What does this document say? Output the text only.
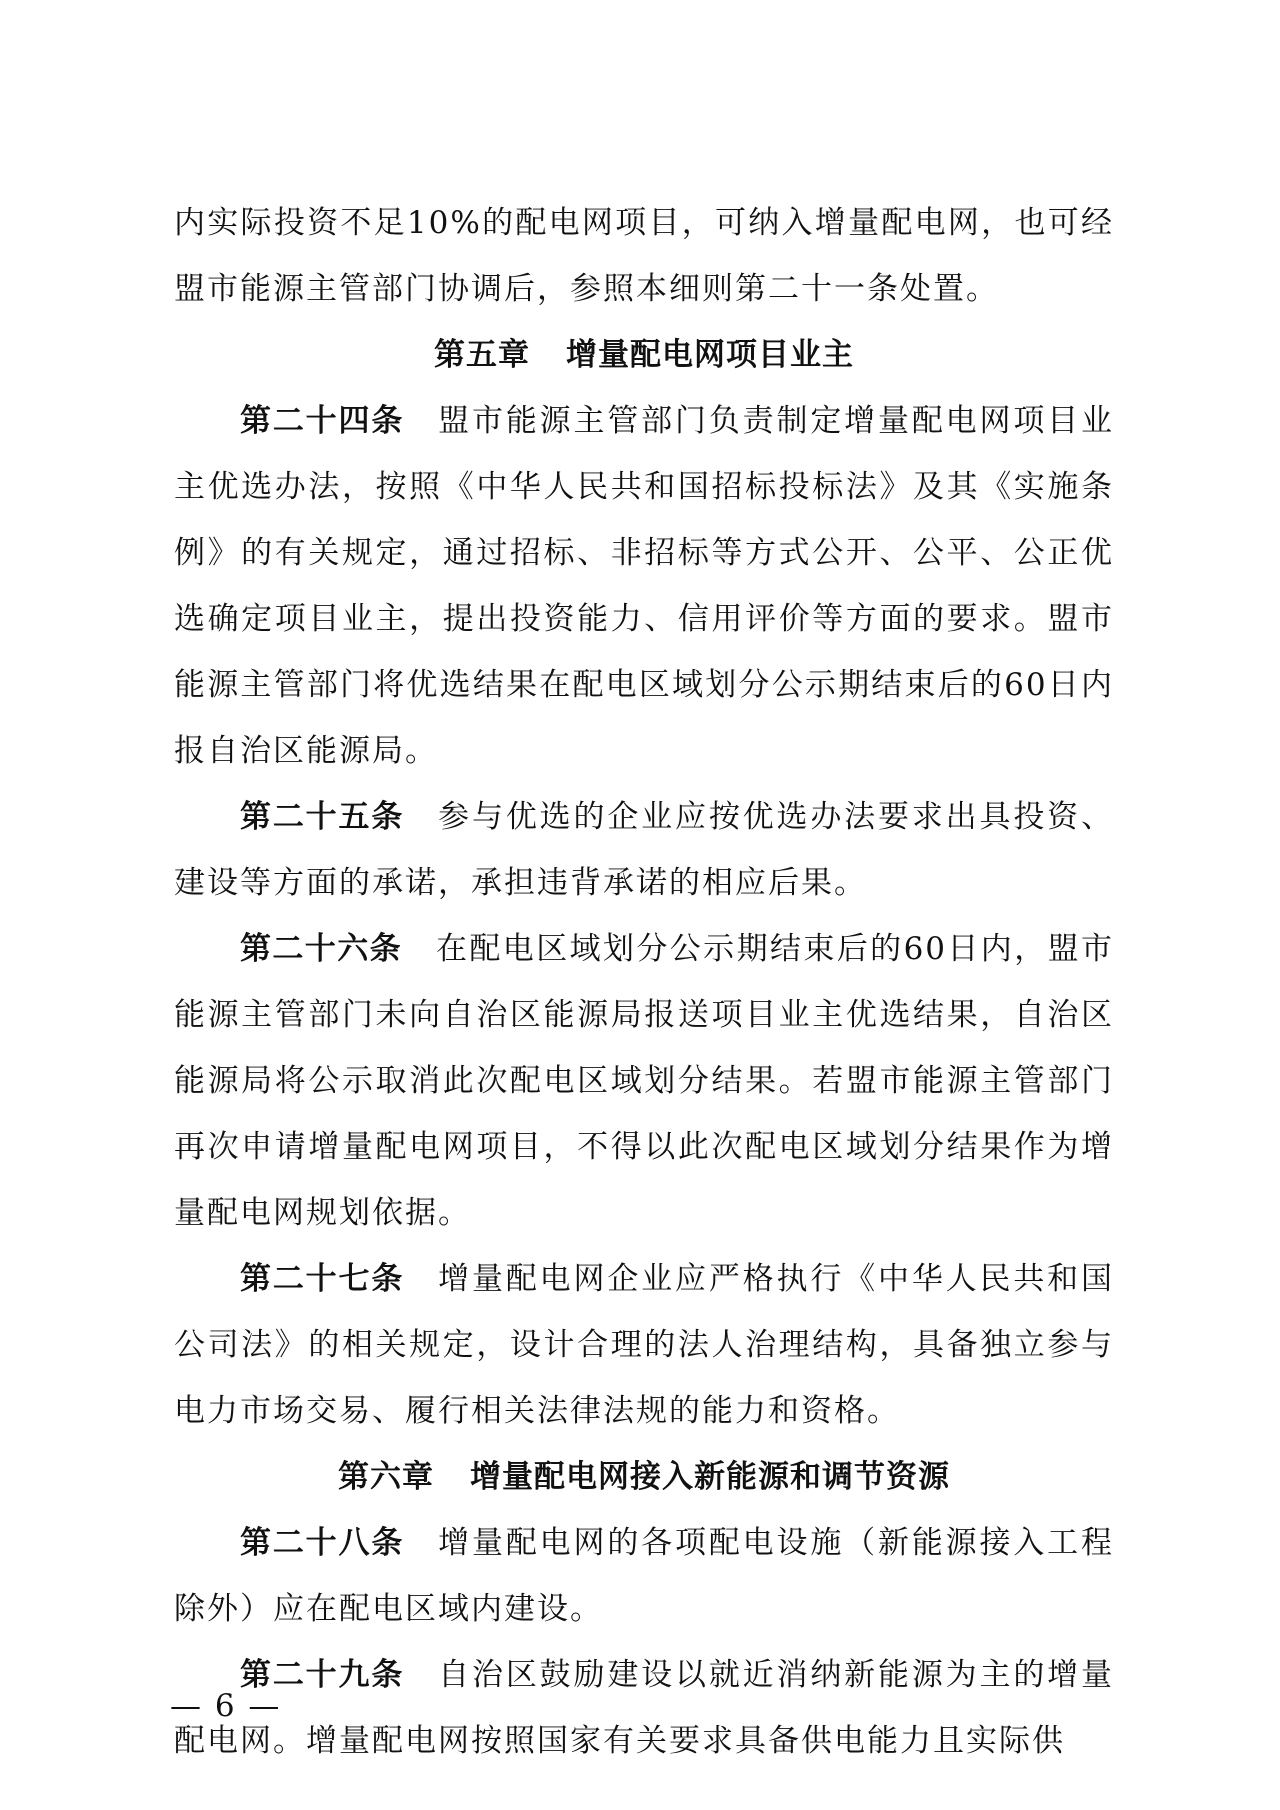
内实际投资不足10%的配电网项目，可纳入增量配电网，也可经盟市能源主管部门协调后，参照本细则第二十一条处置。

第五章 增量配电网项目业主

第二十四条 盟市能源主管部门负责制定增量配电网项目业主优选办法，按照《中华人民共和国招标投标法》及其《实施条例》的有关规定，通过招标、非招标等方式公开、公平、公正优选确定项目业主，提出投资能力、信用评价等方面的要求。盟市能源主管部门将优选结果在配电区域划分公示期结束后的60日内报自治区能源局。

第二十五条 参与优选的企业应按优选办法要求出具投资、建设等方面的承诺，承担违背承诺的相应后果。

第二十六条 在配电区域划分公示期结束后的60日内，盟市能源主管部门未向自治区能源局报送项目业主优选结果，自治区能源局将公示取消此次配电区域划分结果。若盟市能源主管部门再次申请增量配电网项目，不得以此次配电区域划分结果作为增量配电网规划依据。

第二十七条 增量配电网企业应严格执行《中华人民共和国公司法》的相关规定，设计合理的法人治理结构，具备独立参与电力市场交易、履行相关法律法规的能力和资格。

第六章 增量配电网接入新能源和调节资源

第二十八条 增量配电网的各项配电设施（新能源接入工程除外）应在配电区域内建设。

第二十九条 自治区鼓励建设以就近消纳新能源为主的增量配电网。增量配电网按照国家有关要求具备供电能力且实际供

— 6 —
